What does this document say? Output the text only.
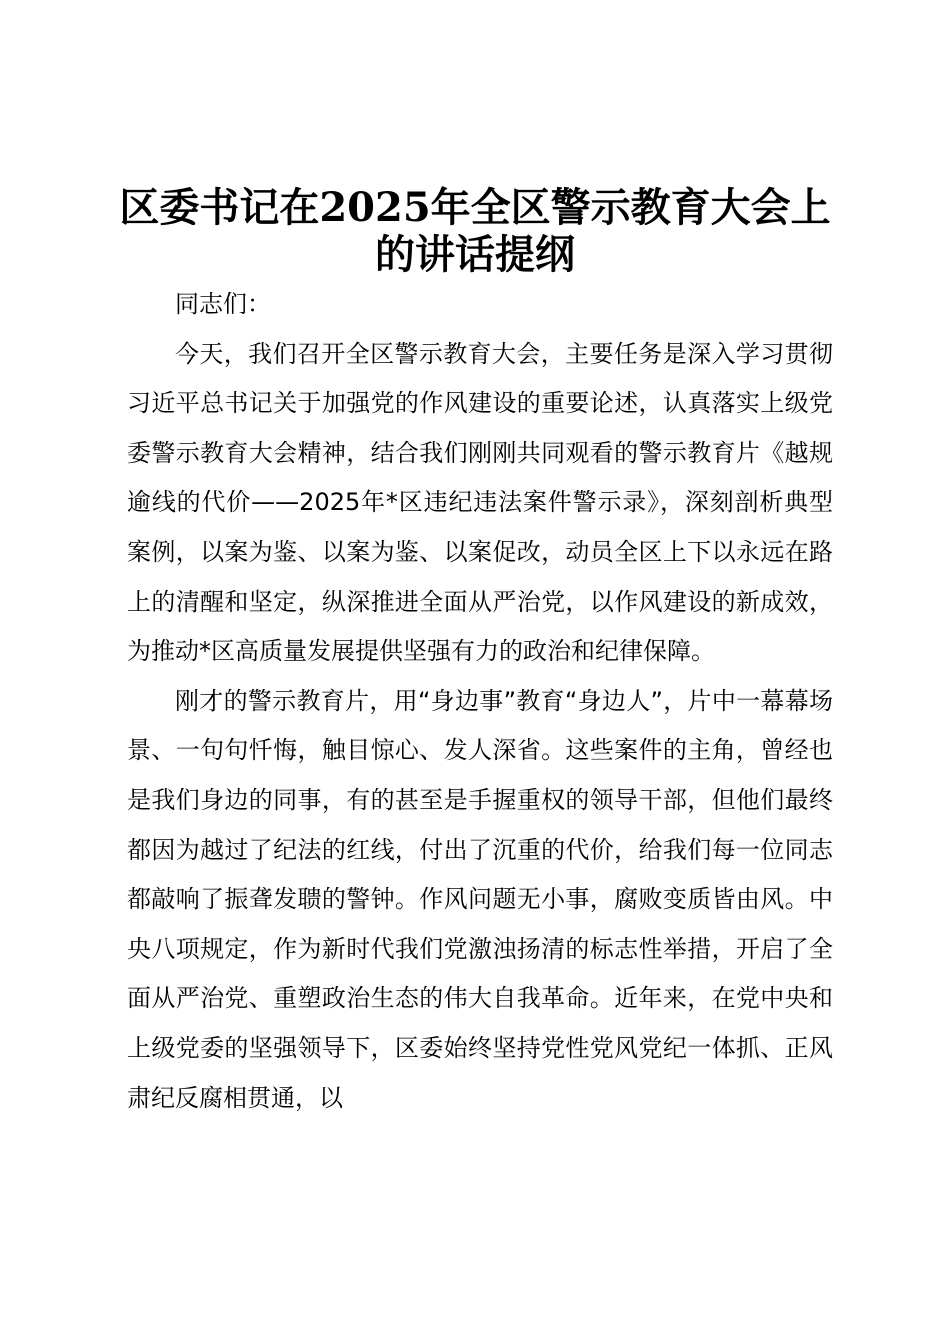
区委书记在2025年全区警示教育大会上的讲话提纲

同志们：

今天，我们召开全区警示教育大会，主要任务是深入学习贯彻习近平总书记关于加强党的作风建设的重要论述，认真落实上级党委警示教育大会精神，结合我们刚刚共同观看的警示教育片《越规逾线的代价——2025年*区违纪违法案件警示录》，深刻剖析典型案例，以案为鉴、以案为鉴、以案促改，动员全区上下以永远在路上的清醒和坚定，纵深推进全面从严治党，以作风建设的新成效，为推动*区高质量发展提供坚强有力的政治和纪律保障。

刚才的警示教育片，用“身边事”教育“身边人”，片中一幕幕场景、一句句忏悔，触目惊心、发人深省。这些案件的主角，曾经也是我们身边的同事，有的甚至是手握重权的领导干部，但他们最终都因为越过了纪法的红线，付出了沉重的代价，给我们每一位同志都敲响了振聋发聩的警钟。作风问题无小事，腐败变质皆由风。中央八项规定，作为新时代我们党激浊扬清的标志性举措，开启了全面从严治党、重塑政治生态的伟大自我革命。近年来，在党中央和上级党委的坚强领导下，区委始终坚持党性党风党纪一体抓、正风肃纪反腐相贯通，以
